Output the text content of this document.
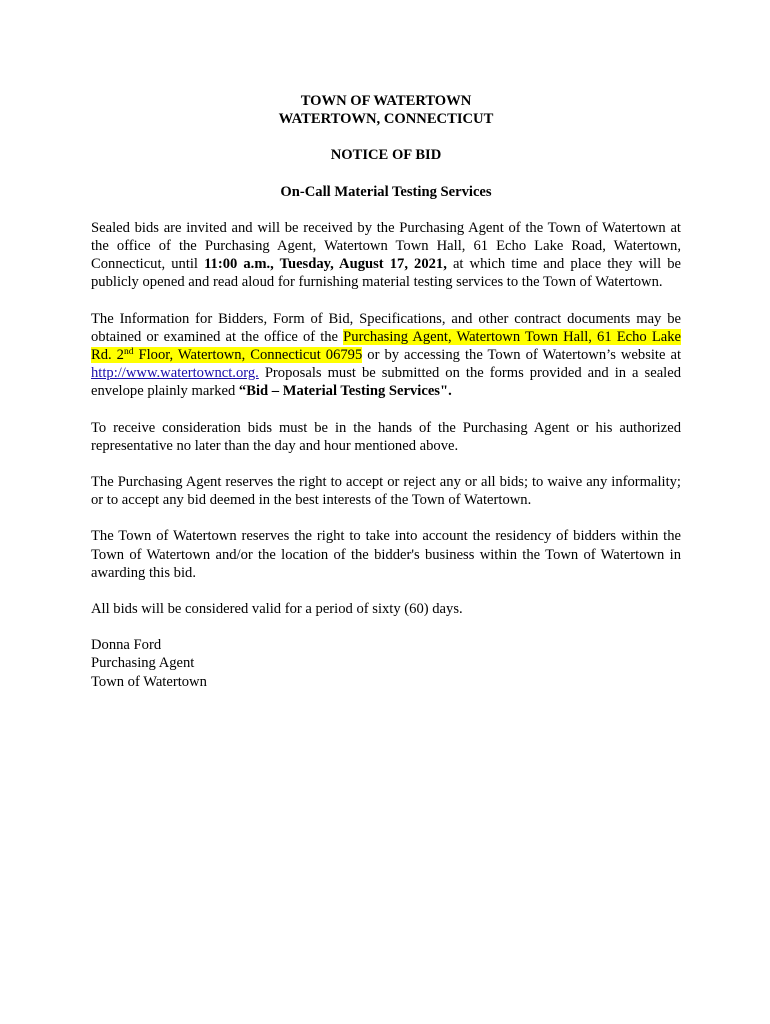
TOWN OF WATERTOWN
WATERTOWN, CONNECTICUT
NOTICE OF BID
On-Call Material Testing Services

Sealed bids are invited and will be received by the Purchasing Agent of the Town of Watertown at the office of the Purchasing Agent, Watertown Town Hall, 61 Echo Lake Road, Watertown, Connecticut, until 11:00 a.m., Tuesday, August 17, 2021, at which time and place they will be publicly opened and read aloud for furnishing material testing services to the Town of Watertown.

The Information for Bidders, Form of Bid, Specifications, and other contract documents may be obtained or examined at the office of the Purchasing Agent, Watertown Town Hall, 61 Echo Lake Rd. 2nd Floor, Watertown, Connecticut 06795 or by accessing the Town of Watertown’s website at http://www.watertownct.org. Proposals must be submitted on the forms provided and in a sealed envelope plainly marked “Bid – Material Testing Services".

To receive consideration bids must be in the hands of the Purchasing Agent or his authorized representative no later than the day and hour mentioned above.

The Purchasing Agent reserves the right to accept or reject any or all bids; to waive any informality; or to accept any bid deemed in the best interests of the Town of Watertown.

The Town of Watertown reserves the right to take into account the residency of bidders within the Town of Watertown and/or the location of the bidder's business within the Town of Watertown in awarding this bid.

All bids will be considered valid for a period of sixty (60) days.

Donna Ford
Purchasing Agent
Town of Watertown
